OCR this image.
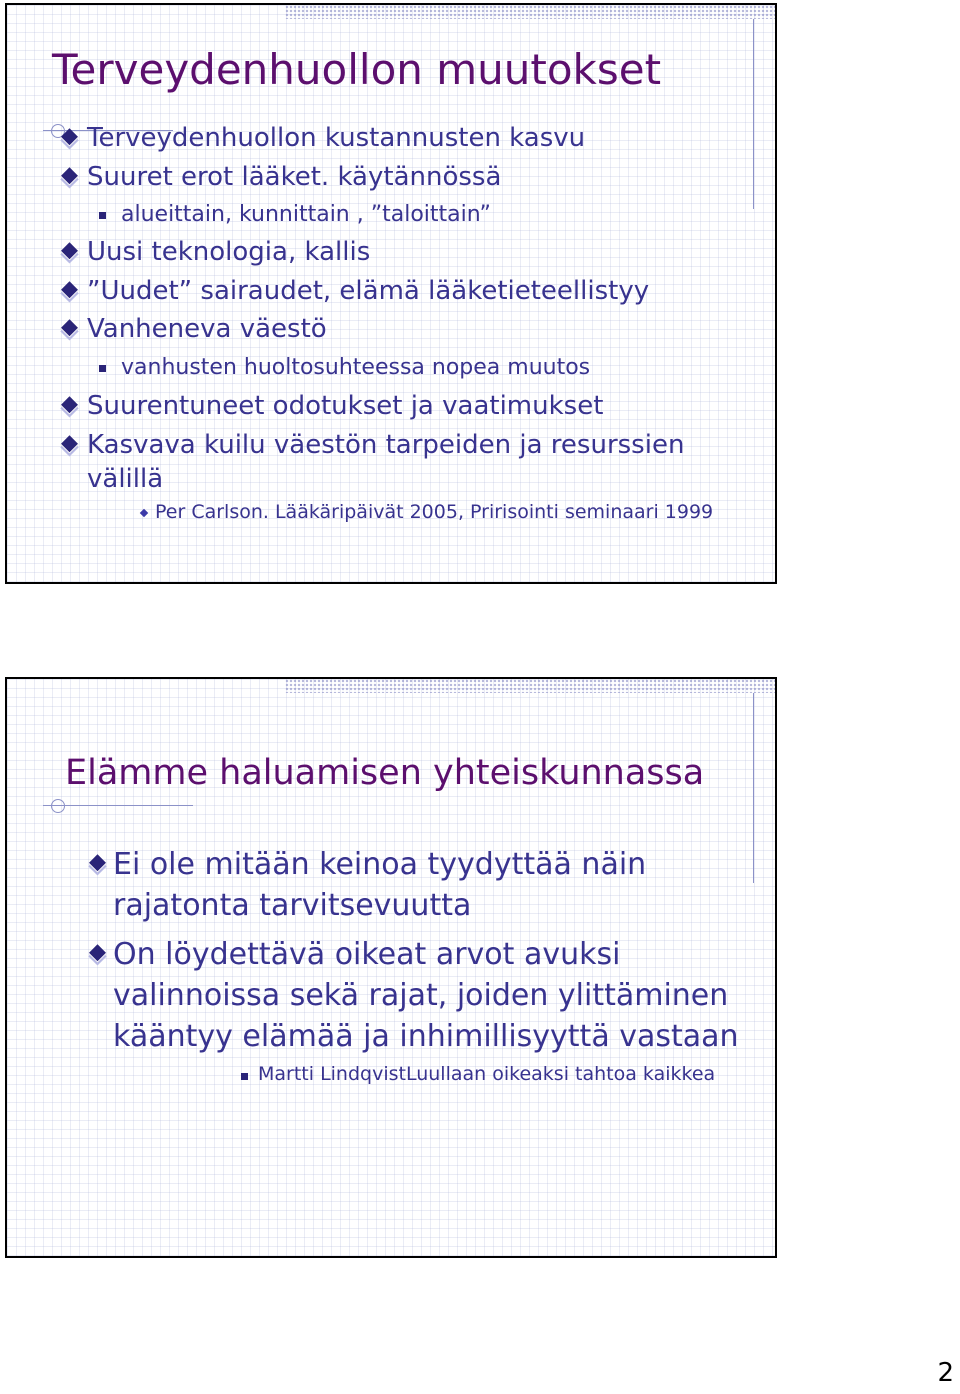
Terveydenhuollon muutokset
Terveydenhuollon kustannusten kasvu
Suuret erot lääket. käytännössä
alueittain, kunnittain , ”taloittain”
Uusi teknologia, kallis
”Uudet” sairaudet, elämä lääketieteellistyy
Vanheneva väestö
vanhusten huoltosuhteessa nopea muutos
Suurentuneet odotukset ja vaatimukset
Kasvava kuilu väestön tarpeiden ja resurssien
välillä
Per Carlson. Lääkäripäivät 2005, Pririsointi seminaari 1999
Elämme haluamisen yhteiskunnassa
Ei ole mitään keinoa tyydyttää näin
rajatonta tarvitsevuutta
On löydettävä oikeat arvot avuksi
valinnoissa sekä rajat, joiden ylittäminen
kääntyy elämää ja inhimillisyyttä vastaan
Martti LindqvistLuullaan oikeaksi tahtoa kaikkea
2
